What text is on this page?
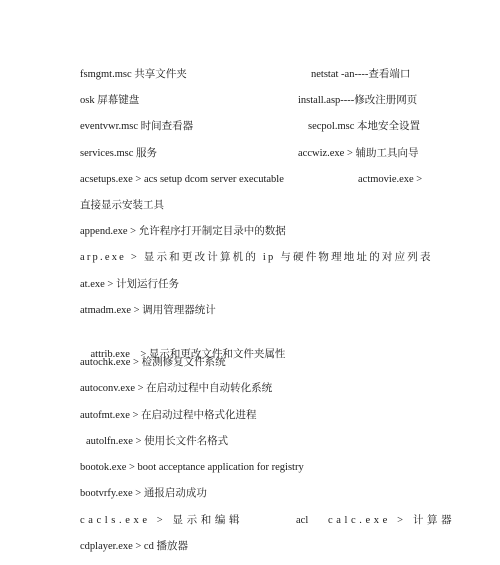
fsmgmt.msc 共享文件夹	netstat -an----查看端口
osk 屏幕键盘	install.asp----修改注册网页
eventvwr.msc 时间查看器	secpol.msc 本地安全设置
services.msc 服务	accwiz.exe > 辅助工具向导
acsetups.exe > acs setup dcom server executable	actmovie.exe >
直接显示安装工具
append.exe > 允许程序打开制定目录中的数据
arp.exe > 显示和更改计算机的 ip 与硬件物理地址的对应列表
at.exe > 计划运行任务
atmadm.exe > 调用管理器统计

attrib.exe    > 显示和更改文件和文件夹属性

autochk.exe > 检测修复文件系统
autoconv.exe > 在启动过程中自动转化系统
autofmt.exe > 在启动过程中格式化进程
autolfn.exe > 使用长文件名格式
bootok.exe > boot acceptance application for registry
bootvrfy.exe > 通报启动成功
cacls.exe > 显示和编辑	acl calc.exe > 计算器
cdplayer.exe > cd 播放器
